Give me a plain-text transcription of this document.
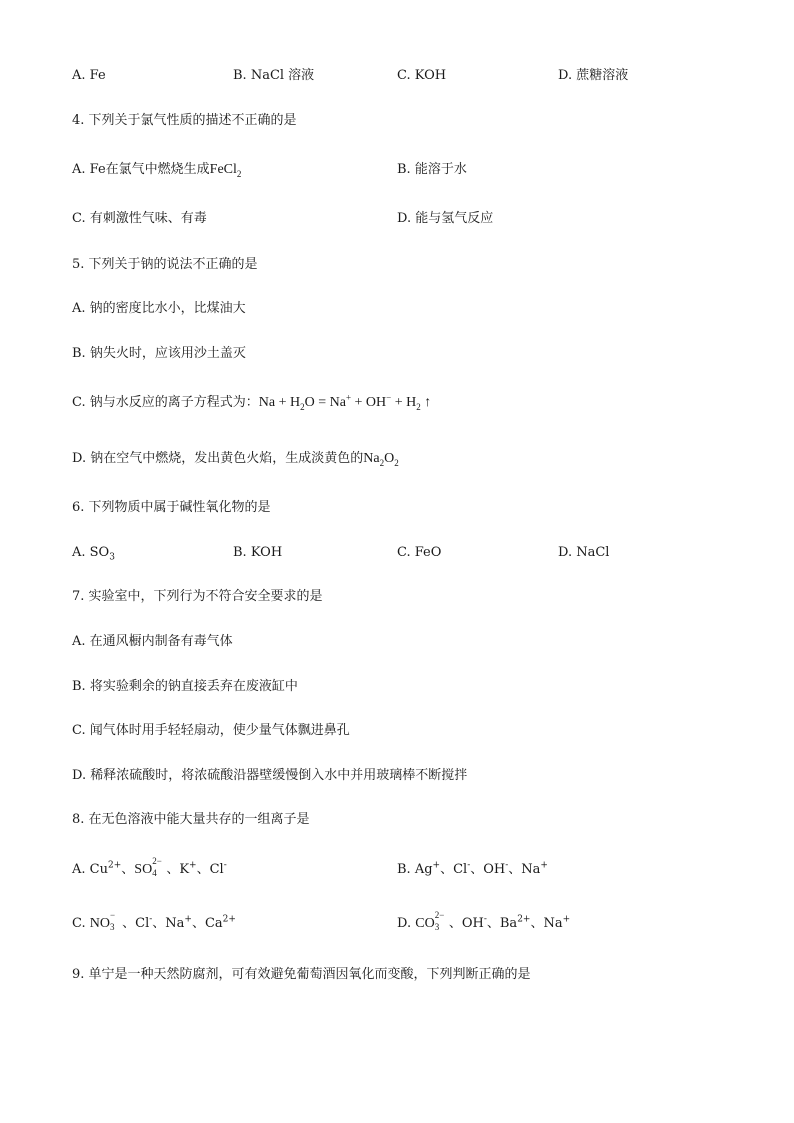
A. Fe	B. NaCl 溶液	C. KOH	D. 蔗糖溶液
4. 下列关于氯气性质的描述不正确的是
A. Fe在氯气中燃烧生成FeCl$_2$	B. 能溶于水
C. 有刺激性气味、有毒	D. 能与氢气反应
5. 下列关于钠的说法不正确的是
A. 钠的密度比水小，比煤油大
B. 钠失火时，应该用沙土盖灭
C. 钠与水反应的离子方程式为：$Na + H_2O = Na^+ + OH^- + H_2$ ↑
D. 钠在空气中燃烧，发出黄色火焰，生成淡黄色的$Na_2O_2$
6. 下列物质中属于碱性氧化物的是
A. $SO_3$	B. KOH	C. FeO	D. NaCl
7. 实验室中，下列行为不符合安全要求的是
A. 在通风橱内制备有毒气体
B. 将实验剩余的钠直接丢弃在废液缸中
C. 闻气体时用手轻轻扇动，使少量气体飘进鼻孔
D. 稀释浓硫酸时，将浓硫酸沿器壁缓慢倒入水中并用玻璃棒不断搅拌
8. 在无色溶液中能大量共存的一组离子是
A. $Cu^{2+}$、SO
2−
4 、K+、Cl-	B. Ag+、Cl-、OH-、Na+
C. NO
−
3 、Cl-、Na+、$Ca^{2+}$	D. CO
2−
3 、OH-、$Ba^{2+}$、Na+
9. 单宁是一种天然防腐剂，可有效避免葡萄酒因氧化而变酸，下列判断正确的是
